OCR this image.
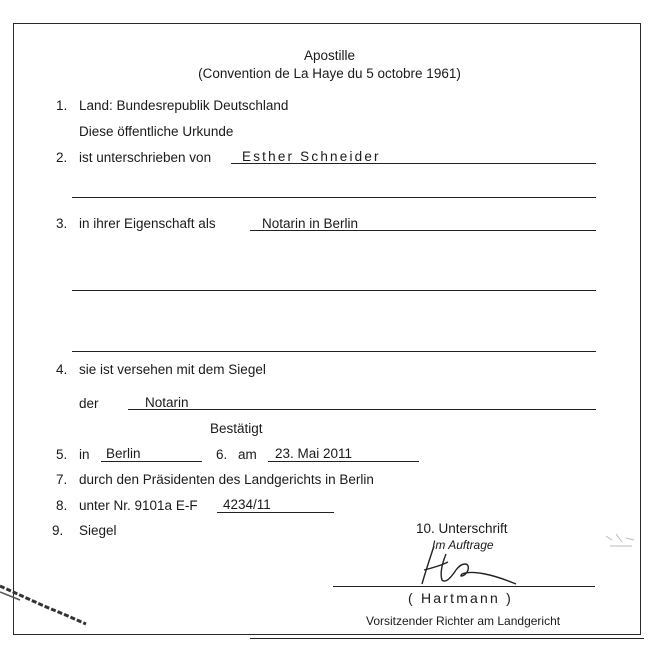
Apostille
(Convention de La Haye du 5 octobre 1961)
1. Land: Bundesrepublik Deutschland
Diese öffentliche Urkunde
2. ist unterschrieben von Esther Schneider
3. in ihrer Eigenschaft als	Notarin in Berlin
4. sie ist versehen mit dem Siegel
der	Notarin
Bestätigt
5. in Berlin	6. am 23. Mai 2011
7. durch den Präsidenten des Landgerichts in Berlin
8. unter Nr. 9101a E-F 4234/11
9. Siegel	10. Unterschrift
Im Auftrage
( Hartmann )
Vorsitzender Richter am Landgericht
